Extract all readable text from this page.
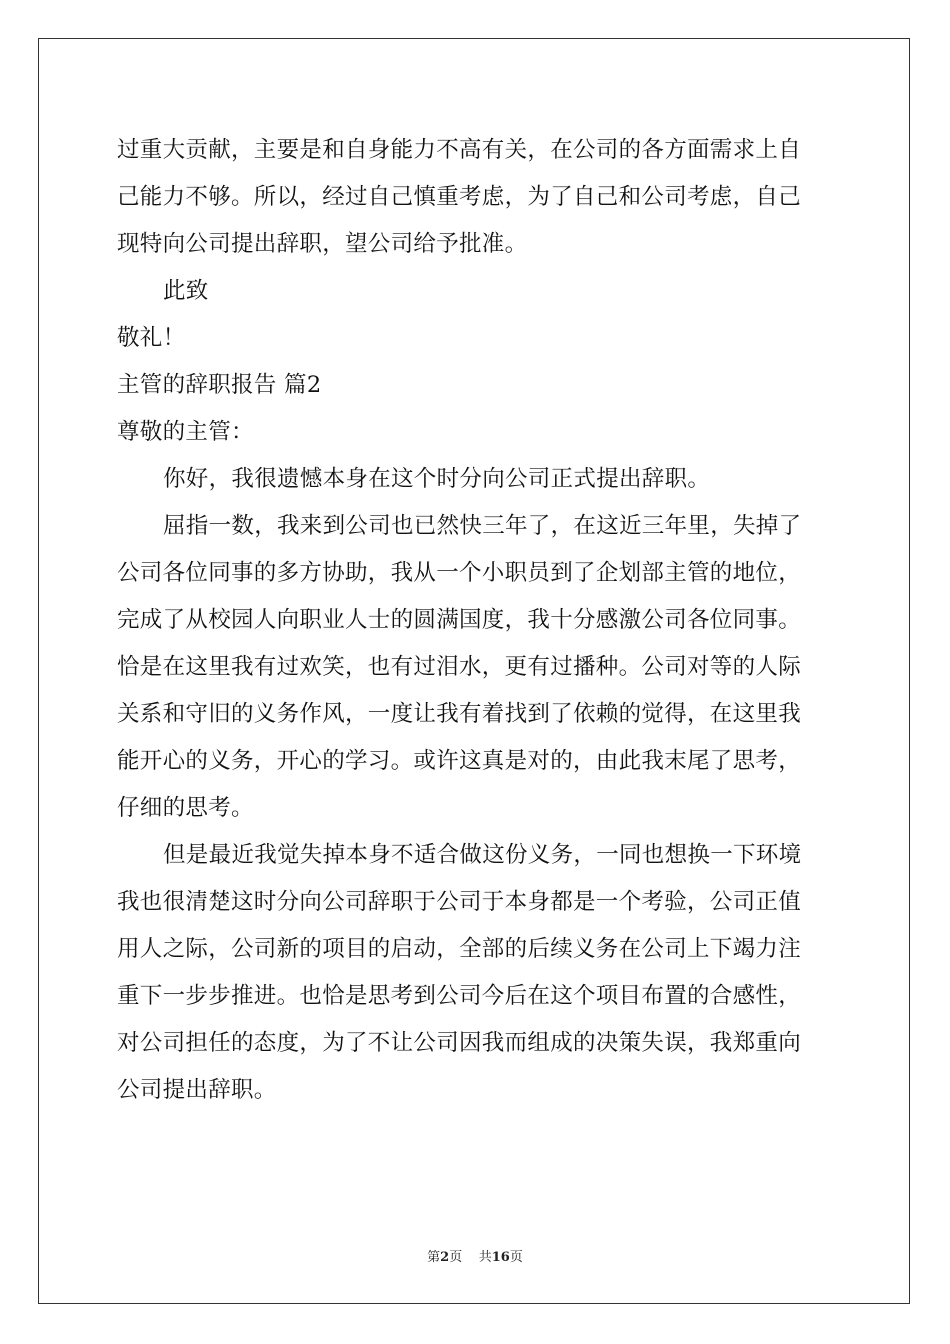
过重大贡献，主要是和自身能力不高有关，在公司的各方面需求上自
己能力不够。所以，经过自己慎重考虑，为了自己和公司考虑，自己
现特向公司提出辞职，望公司给予批准。
此致
敬礼！
主管的辞职报告 篇2
尊敬的主管：
你好，我很遗憾本身在这个时分向公司正式提出辞职。
屈指一数，我来到公司也已然快三年了，在这近三年里，失掉了
公司各位同事的多方协助，我从一个小职员到了企划部主管的地位，
完成了从校园人向职业人士的圆满国度，我十分感激公司各位同事。
恰是在这里我有过欢笑，也有过泪水，更有过播种。公司对等的人际
关系和守旧的义务作风，一度让我有着找到了依赖的觉得，在这里我
能开心的义务，开心的学习。或许这真是对的，由此我末尾了思考，
仔细的思考。
但是最近我觉失掉本身不适合做这份义务，一同也想换一下环境
我也很清楚这时分向公司辞职于公司于本身都是一个考验，公司正值
用人之际，公司新的项目的启动，全部的后续义务在公司上下竭力注
重下一步步推进。也恰是思考到公司今后在这个项目布置的合感性，
对公司担任的态度，为了不让公司因我而组成的决策失误，我郑重向
公司提出辞职。
第2页 共16页
